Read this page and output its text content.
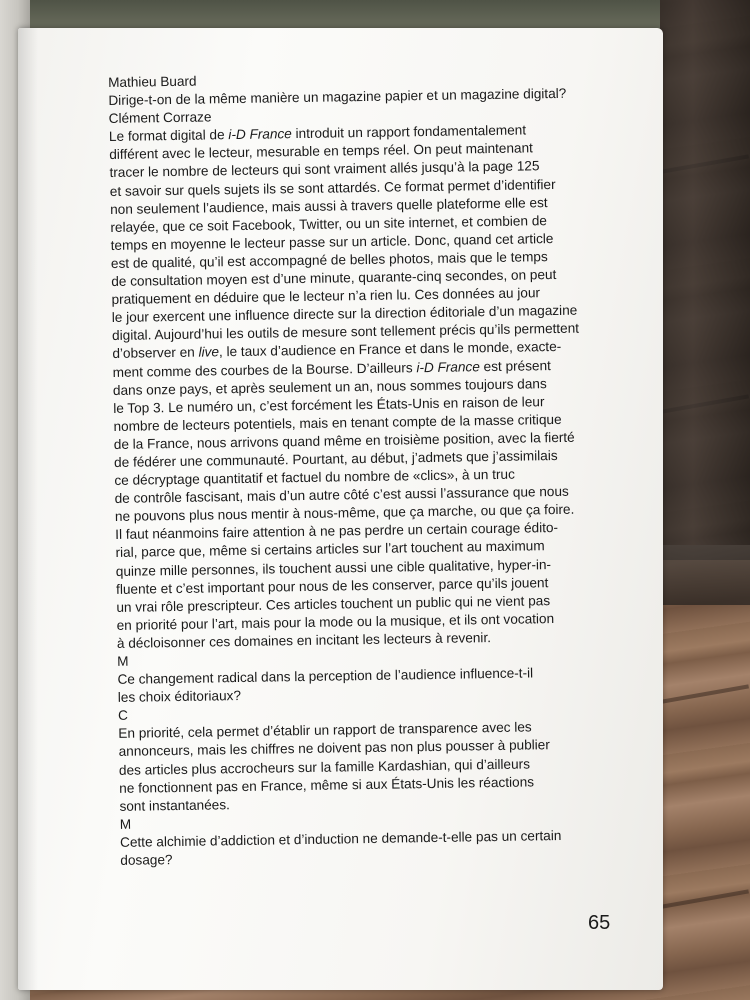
Mathieu Buard
Dirige-t-on de la même manière un magazine papier et un magazine digital?
Clément Corraze
Le format digital de i-D France introduit un rapport fondamentalement
différent avec le lecteur, mesurable en temps réel. On peut maintenant
tracer le nombre de lecteurs qui sont vraiment allés jusqu’à la page 125
et savoir sur quels sujets ils se sont attardés. Ce format permet d’identifier
non seulement l’audience, mais aussi à travers quelle plateforme elle est
relayée, que ce soit Facebook, Twitter, ou un site internet, et combien de
temps en moyenne le lecteur passe sur un article. Donc, quand cet article
est de qualité, qu’il est accompagné de belles photos, mais que le temps
de consultation moyen est d’une minute, quarante-cinq secondes, on peut
pratiquement en déduire que le lecteur n’a rien lu. Ces données au jour
le jour exercent une influence directe sur la direction éditoriale d’un magazine
digital. Aujourd’hui les outils de mesure sont tellement précis qu’ils permettent
d’observer en live, le taux d’audience en France et dans le monde, exacte-
ment comme des courbes de la Bourse. D’ailleurs i-D France est présent
dans onze pays, et après seulement un an, nous sommes toujours dans
le Top 3. Le numéro un, c’est forcément les États-Unis en raison de leur
nombre de lecteurs potentiels, mais en tenant compte de la masse critique
de la France, nous arrivons quand même en troisième position, avec la fierté
de fédérer une communauté. Pourtant, au début, j’admets que j’assimilais
ce décryptage quantitatif et factuel du nombre de «clics», à un truc
de contrôle fascisant, mais d’un autre côté c’est aussi l’assurance que nous
ne pouvons plus nous mentir à nous-même, que ça marche, ou que ça foire.
Il faut néanmoins faire attention à ne pas perdre un certain courage édito-
rial, parce que, même si certains articles sur l’art touchent au maximum
quinze mille personnes, ils touchent aussi une cible qualitative, hyper-in-
fluente et c’est important pour nous de les conserver, parce qu’ils jouent
un vrai rôle prescripteur. Ces articles touchent un public qui ne vient pas
en priorité pour l’art, mais pour la mode ou la musique, et ils ont vocation
à décloisonner ces domaines en incitant les lecteurs à revenir.
M
Ce changement radical dans la perception de l’audience influence-t-il
les choix éditoriaux?
C
En priorité, cela permet d’établir un rapport de transparence avec les
annonceurs, mais les chiffres ne doivent pas non plus pousser à publier
des articles plus accrocheurs sur la famille Kardashian, qui d’ailleurs
ne fonctionnent pas en France, même si aux États-Unis les réactions
sont instantanées.
M
Cette alchimie d’addiction et d’induction ne demande-t-elle pas un certain
dosage?
65
